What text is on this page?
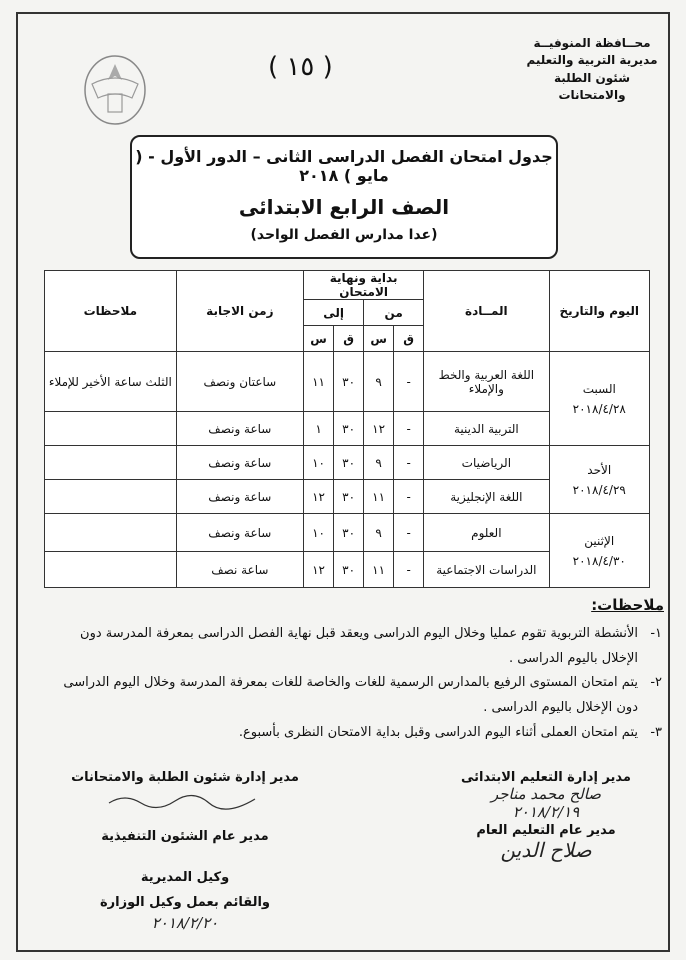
( ١٥ )
محــافظة المنوفيــة
مديرية التربية والتعليم
شئون الطلبة والامتحانات
جدول امتحان الفصل الدراسى الثانى – الدور الأول - ( مايو ) ٢٠١٨
الصف الرابع الابتدائى
(عدا مدارس الفصل الواحد)
اليوم والتاريخ	المــادة	بداية ونهاية الامتحان				زمن الاجابة	ملاحظات
		من		إلى			
		ق	س	ق	س		

السبت
٢٠١٨/٤/٢٨	اللغة العربية والخط والإملاء	-	٩	٣٠	١١	ساعتان ونصف	الثلث ساعة الأخير للإملاء
	التربية الدينية	-	١٢	٣٠	١	ساعة ونصف	

الأحد
٢٠١٨/٤/٢٩	الرياضيات	-	٩	٣٠	١٠	ساعة ونصف	
	اللغة الإنجليزية	-	١١	٣٠	١٢	ساعة ونصف	

الإثنين
٢٠١٨/٤/٣٠	العلوم	-	٩	٣٠	١٠	ساعة ونصف	
	الدراسات الاجتماعية	-	١١	٣٠	١٢	ساعة نصف	
ملاحظات:
١-
الأنشطة التربوية تقوم عمليا وخلال اليوم الدراسى ويعقد قبل نهاية الفصل الدراسى بمعرفة المدرسة دون الإخلال باليوم الدراسى .
٢-
يتم امتحان المستوى الرفيع بالمدارس الرسمية للغات والخاصة للغات بمعرفة المدرسة وخلال اليوم الدراسى دون الإخلال باليوم الدراسى .
٣-
يتم امتحان العملى أثناء اليوم الدراسى وقبل بداية الامتحان النظرى بأسبوع.
مدير إدارة التعليم الابتدائى
صالح محمد مناجر
٢٠١٨/٢/١٩
مدير عام التعليم العام
صلاح الدين
مدير إدارة شئون الطلبة والامتحانات
مدير عام الشئون التنفيذية
وكيل المديرية
والقائم بعمل وكيل الوزارة
٢٠١٨/٢/٢٠
